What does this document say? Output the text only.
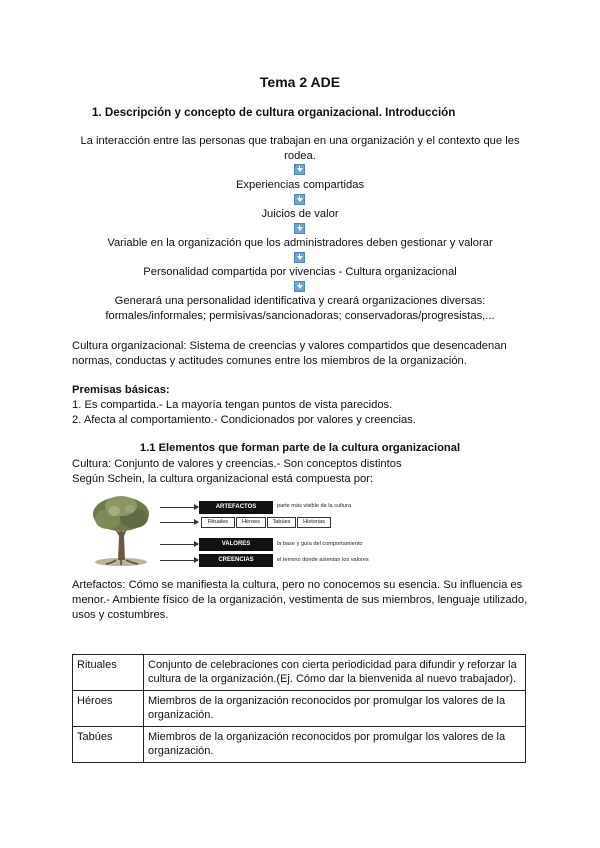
Tema 2 ADE
1. Descripción y concepto de cultura organizacional. Introducción
La interacción entre las personas que trabajan en una organización y el contexto que les rodea.
Experiencias compartidas
Juicios de valor
Variable en la organización que los administradores deben gestionar y valorar
Personalidad compartida por vivencias - Cultura organizacional
Generará una personalidad identificativa y creará organizaciones diversas: formales/informales; permisivas/sancionadoras; conservadoras/progresistas,...
Cultura organizacional: Sistema de creencias y valores compartidos que desencadenan normas, conductas y actitudes comunes entre los miembros de la organización.
Premisas básicas:
1. Es compartida.- La mayoría tengan puntos de vista parecidos.
2. Afecta al comportamiento.- Condicionados por valores y creencias.
1.1 Elementos que forman parte de la cultura organizacional
Cultura: Conjunto de valores y creencias.- Son conceptos distintos
Según Schein, la cultura organizacional está compuesta por:
ARTEFACTOS	parte más visible de la cultura
Rituales	Héroes	Tabúes	Historias
VALORES	la base y guía del comportamiento
CREENCIAS	el terreno donde asientan los valores
Artefactos: Cómo se manifiesta la cultura, pero no conocemos su esencia. Su influencia es menor.- Ambiente físico de la organización, vestimenta de sus miembros, lenguaje utilizado, usos y costumbres.
Rituales	Conjunto de celebraciones con cierta periodicidad para difundir y reforzar la cultura de la organización.(Ej. Cómo dar la bienvenida al nuevo trabajador).
Héroes	Miembros de la organización reconocidos por promulgar los valores de la organización.
Tabúes	Miembros de la organización reconocidos por promulgar los valores de la organización.
